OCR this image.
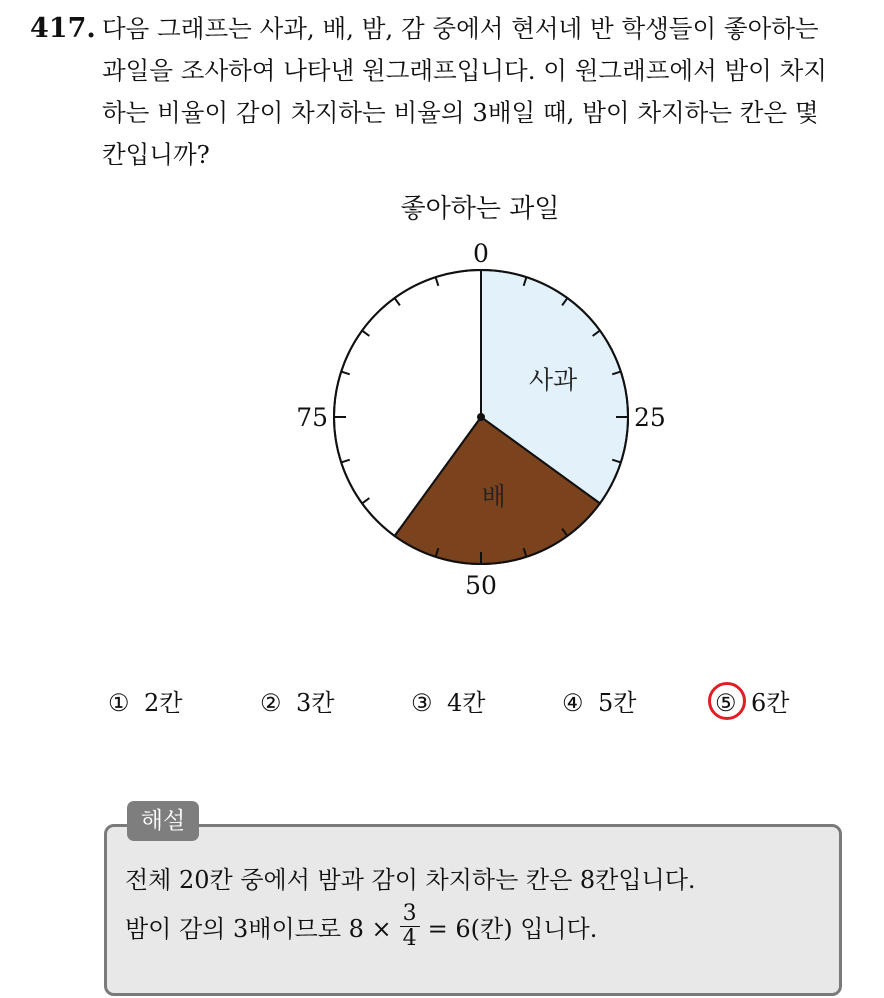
417. 다음 그래프는 사과, 배, 밤, 감 중에서 현서네 반 학생들이 좋아하는
과일을 조사하여 나타낸 원그래프입니다. 이 원그래프에서 밤이 차지
하는 비율이 감이 차지하는 비율의 3배일 때, 밤이 차지하는 칸은 몇
칸입니까?
좋아하는 과일
사과
배
0
25
50
75
① 2칸	② 3칸	③ 4칸	④ 5칸	⑤ 6칸
해설
전체 20칸 중에서 밤과 감이 차지하는 칸은 8칸입니다.
밤이 감의 3배이므로 $8 \times \frac{3}{4} = 6$(칸) 입니다.
